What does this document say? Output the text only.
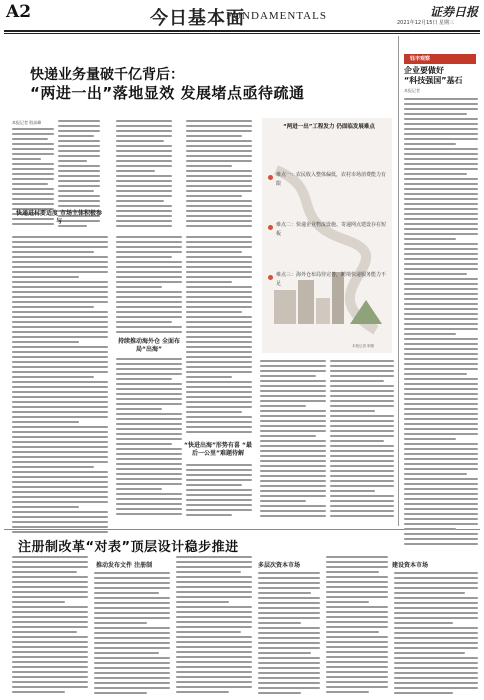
A2	今日基本面
FUNDAMENTALS	证券日报
2021年12月15日 星期三
快递业务量破千亿背后：
“两进一出”落地显效 发展堵点亟待疏通
本报记者 殷高峰
快递进村要适度 市场主体积极参与
持续推动海外仓 全面布局“出海”
“快进出海”形势有喜 “最后一公里”难题待解
“两进一出”工程发力 仍面临发展难点
难点一：农民收入整体偏低，农村市场消费能力有限
难点二：快递企业物流设施、寄递网点建设存在短板
难点三：海外仓布局待完善，跨境快递服务能力不足
本报记者 制图
钰丰观察
企业要做好
“科技强国”基石
本报记者
注册制改革“对表”顶层设计稳步推进
推动发布文件 注册制	多层次资本市场	建设资本市场
